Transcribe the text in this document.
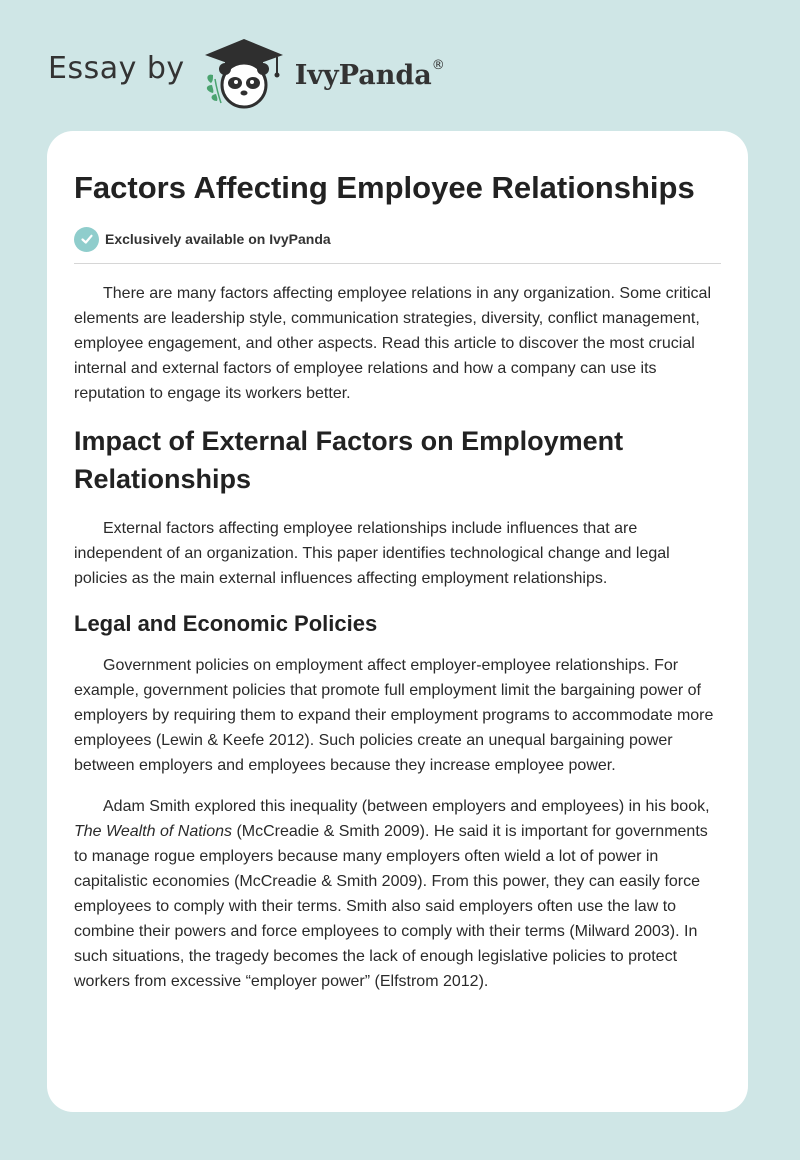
Essay by	IvyPanda®
Factors Affecting Employee Relationships
Exclusively available on IvyPanda

There are many factors affecting employee relations in any organization. Some critical elements are leadership style, communication strategies, diversity, conflict management, employee engagement, and other aspects. Read this article to discover the most crucial internal and external factors of employee relations and how a company can use its reputation to engage its workers better.

Impact of External Factors on Employment Relationships

External factors affecting employee relationships include influences that are independent of an organization. This paper identifies technological change and legal policies as the main external influences affecting employment relationships.

Legal and Economic Policies

Government policies on employment affect employer-employee relationships. For example, government policies that promote full employment limit the bargaining power of employers by requiring them to expand their employment programs to accommodate more employees (Lewin & Keefe 2012). Such policies create an unequal bargaining power between employers and employees because they increase employee power.

Adam Smith explored this inequality (between employers and employees) in his book, The Wealth of Nations (McCreadie & Smith 2009). He said it is important for governments to manage rogue employers because many employers often wield a lot of power in capitalistic economies (McCreadie & Smith 2009). From this power, they can easily force employees to comply with their terms. Smith also said employers often use the law to combine their powers and force employees to comply with their terms (Milward 2003). In such situations, the tragedy becomes the lack of enough legislative policies to protect workers from excessive “employer power” (Elfstrom 2012).
